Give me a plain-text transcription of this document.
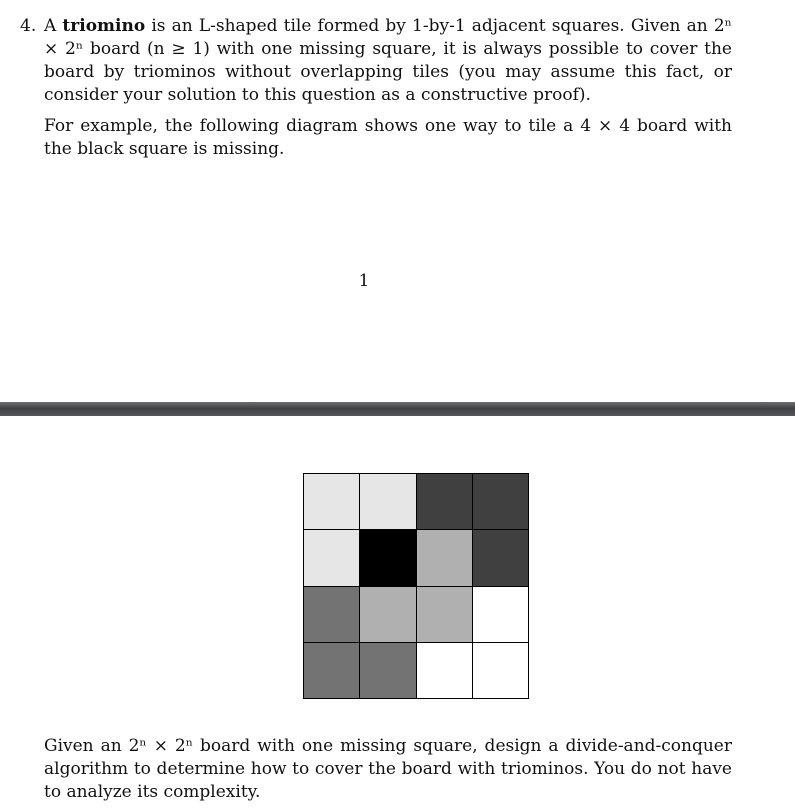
4. A triomino is an L-shaped tile formed by 1-by-1 adjacent squares. Given an 2ⁿ × 2ⁿ board (n ≥ 1) with one missing square, it is always possible to cover the board by triominos without overlapping tiles (you may assume this fact, or consider your solution to this question as a constructive proof).

For example, the following diagram shows one way to tile a 4 × 4 board with the black square is missing.

1

Given an 2ⁿ × 2ⁿ board with one missing square, design a divide-and-conquer algorithm to determine how to cover the board with triominos. You do not have to analyze its complexity.
